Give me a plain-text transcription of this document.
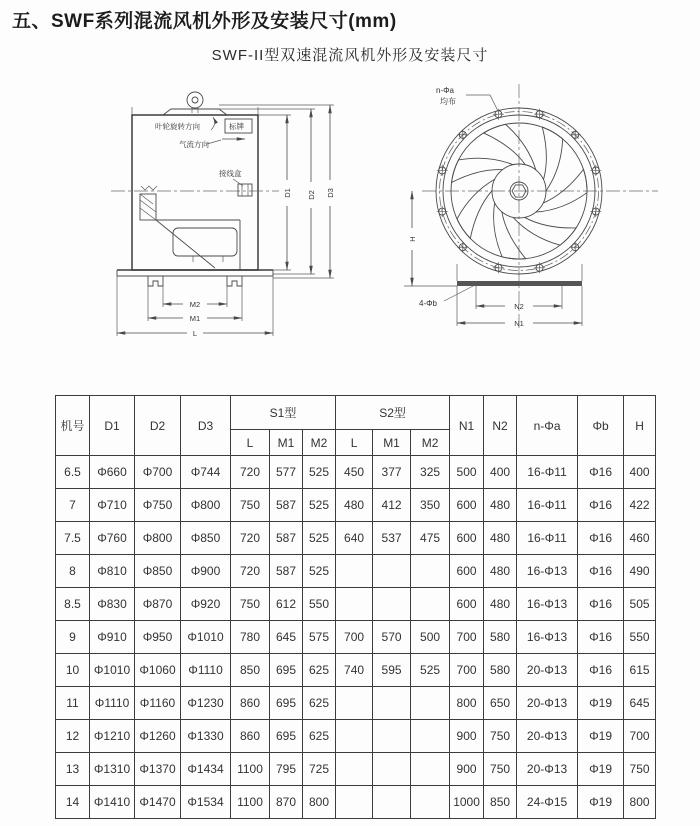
五、SWF系列混流风机外形及安装尺寸(mm)
SWF-II型双速混流风机外形及安装尺寸
叶轮旋转方向	标牌
气流方向
接线盒
M2
M1
L
D1 D2 D3
n-Φa
均布
4-Φb
H
N2
N1
机号	D1	D2	D3	S1型			S2型			N1	N2	n-Φa	Φb	H
				L	M1	M2	L	M1	M2					
6.5	Φ660	Φ700	Φ744	720	577	525	450	377	325	500	400	16-Φ11	Φ16	400
7	Φ710	Φ750	Φ800	750	587	525	480	412	350	600	480	16-Φ11	Φ16	422
7.5	Φ760	Φ800	Φ850	720	587	525	640	537	475	600	480	16-Φ11	Φ16	460
8	Φ810	Φ850	Φ900	720	587	525				600	480	16-Φ13	Φ16	490
8.5	Φ830	Φ870	Φ920	750	612	550				600	480	16-Φ13	Φ16	505
9	Φ910	Φ950	Φ1010	780	645	575	700	570	500	700	580	16-Φ13	Φ16	550
10	Φ1010	Φ1060	Φ1110	850	695	625	740	595	525	700	580	20-Φ13	Φ16	615
11	Φ1110	Φ1160	Φ1230	860	695	625				800	650	20-Φ13	Φ19	645
12	Φ1210	Φ1260	Φ1330	860	695	625				900	750	20-Φ13	Φ19	700
13	Φ1310	Φ1370	Φ1434	1100	795	725				900	750	20-Φ13	Φ19	750
14	Φ1410	Φ1470	Φ1534	1100	870	800				1000	850	24-Φ15	Φ19	800
